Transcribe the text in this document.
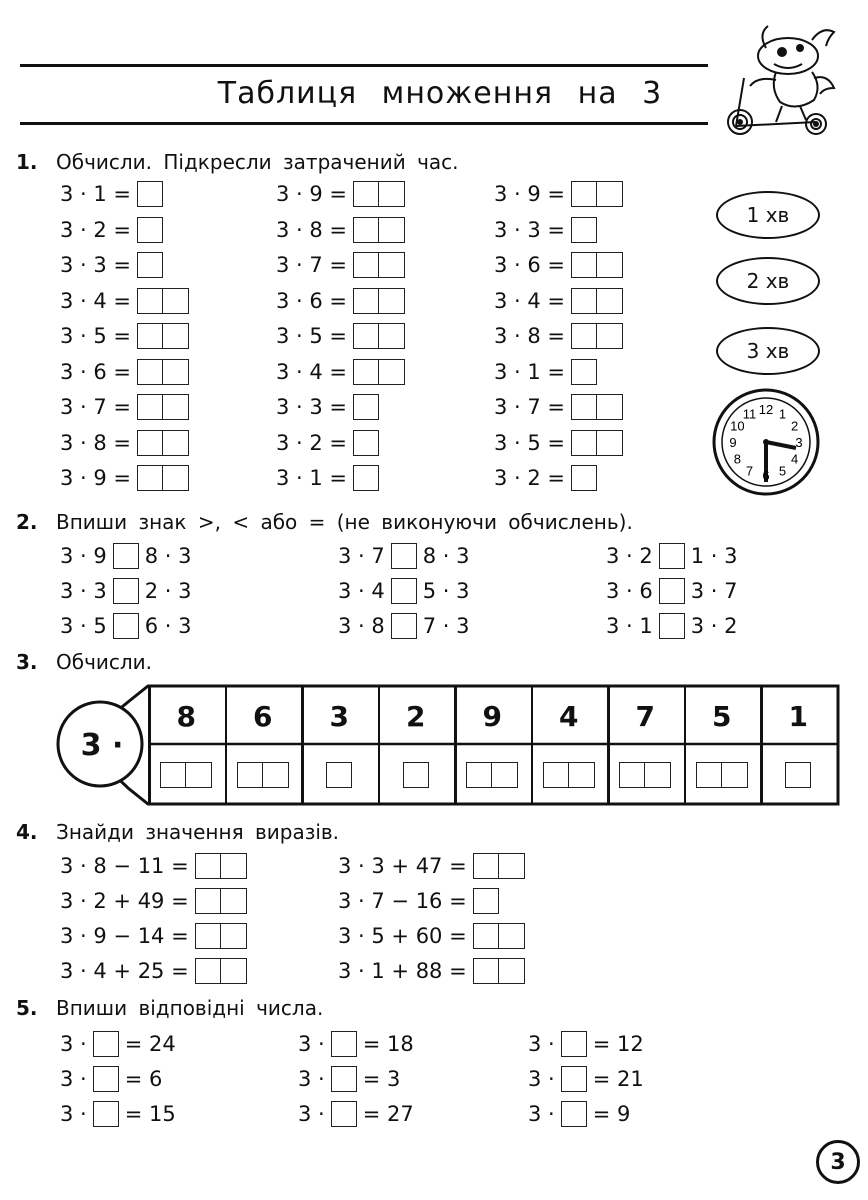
Таблиця множення на 3
1. Обчисли. Підкресли затрачений час.
3 · 1 =
3 · 2 =
3 · 3 =
3 · 4 =
3 · 5 =
3 · 6 =
3 · 7 =
3 · 8 =
3 · 9 =
3 · 9 =
3 · 8 =
3 · 7 =
3 · 6 =
3 · 5 =
3 · 4 =
3 · 3 =
3 · 2 =
3 · 1 =
3 · 9 =
3 · 3 =
3 · 6 =
3 · 4 =
3 · 8 =
3 · 1 =
3 · 7 =
3 · 5 =
3 · 2 =
1 хв
2 хв
3 хв
12 1
2
3
4
5
6
7
8
9
10
11
2. Впиши знак >, < або = (не виконуючи обчислень).
3 · 9 8 · 3
3 · 3 2 · 3
3 · 5 6 · 3
3 · 7 8 · 3
3 · 4 5 · 3
3 · 8 7 · 3
3 · 2 1 · 3
3 · 6 3 · 7
3 · 1 3 · 2
3. Обчисли.
3 ·
8 6 3 2 9 4 7 5 1
4. Знайди значення виразів.
3 · 8 − 11 =
3 · 2 + 49 =
3 · 9 − 14 =
3 · 4 + 25 =
3 · 3 + 47 =
3 · 7 − 16 =
3 · 5 + 60 =
3 · 1 + 88 =
5. Впиши відповідні числа.
3 · = 24
3 · = 6
3 · = 15
3 · = 18
3 · = 3
3 · = 27
3 · = 12
3 · = 21
3 · = 9
3
